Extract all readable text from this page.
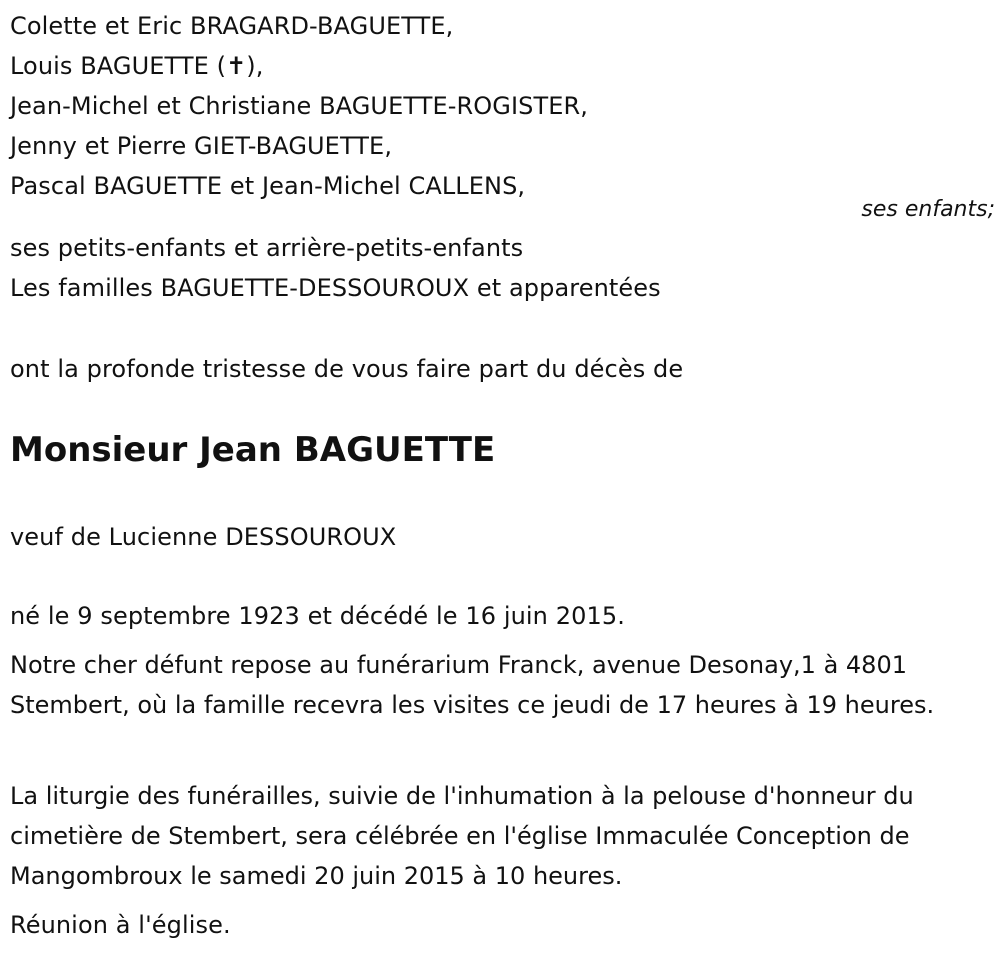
Colette et Eric BRAGARD-BAGUETTE,
Louis BAGUETTE (✝),
Jean-Michel et Christiane BAGUETTE-ROGISTER,
Jenny et Pierre GIET-BAGUETTE,
Pascal BAGUETTE et Jean-Michel CALLENS,
ses enfants;
ses petits-enfants et arrière-petits-enfants
Les familles BAGUETTE-DESSOUROUX et apparentées
ont la profonde tristesse de vous faire part du décès de
Monsieur Jean BAGUETTE
veuf de Lucienne DESSOUROUX
né le 9 septembre 1923 et décédé le 16 juin 2015.
Notre cher défunt repose au funérarium Franck, avenue Desonay,1 à 4801 Stembert, où la famille recevra les visites ce jeudi de 17 heures à 19 heures.
La liturgie des funérailles, suivie de l'inhumation à la pelouse d'honneur du cimetière de Stembert, sera célébrée en l'église Immaculée Conception de Mangombroux le samedi 20 juin 2015 à 10 heures.
Réunion à l'église.
